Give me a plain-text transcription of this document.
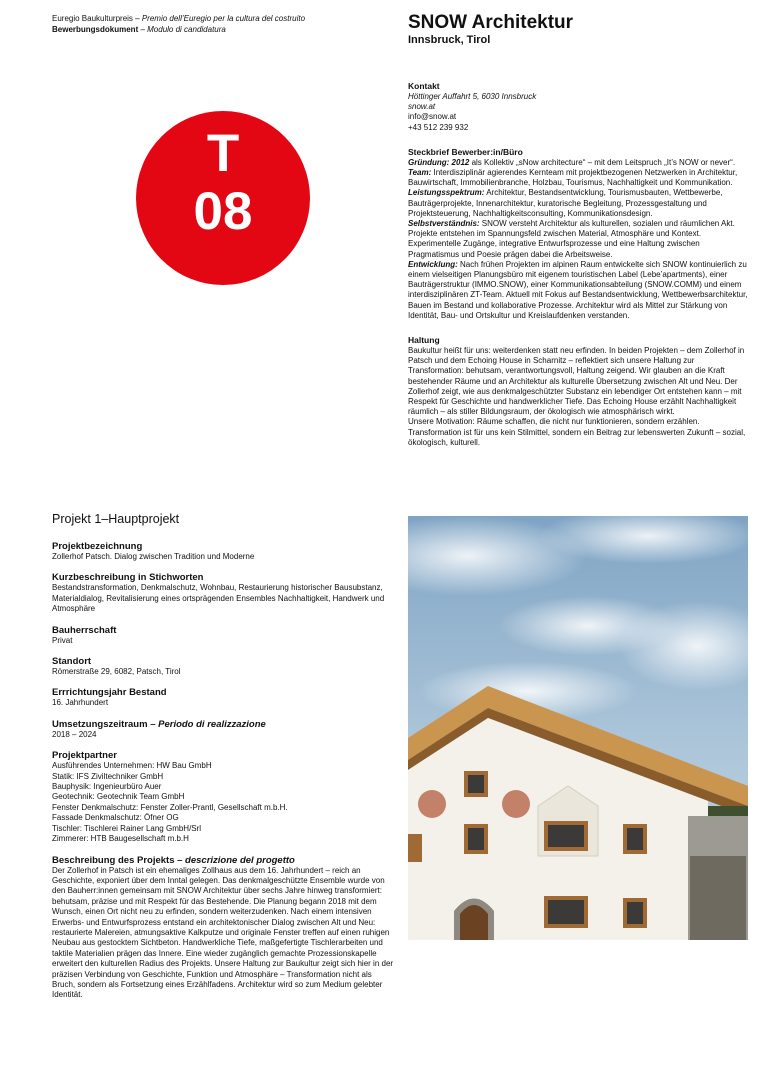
Euregio Baukulturpreis – Premio dell’Euregio per la cultura del costruito
Bewerbungsdokument – Modulo di candidatura
T
08
SNOW Architektur
Innsbruck, Tirol
Kontakt
Höttinger Auffahrt 5, 6030 Innsbruck
snow.at
info@snow.at
+43 512 239 932
Steckbrief Bewerber:in/Büro
Gründung: 2012 als Kollektiv „sNow architecture“ – mit dem Leitspruch „It’s NOW or never“.
Team: Interdisziplinär agierendes Kernteam mit projektbezogenen Netzwerken in Architektur, Bauwirtschaft, Immobilienbranche, Holzbau, Tourismus, Nachhaltigkeit und Kommunikation.
Leistungsspektrum: Architektur, Bestandsentwicklung, Tourismusbauten, Wettbewerbe, Bauträgerprojekte, Innenarchitektur, kuratorische Begleitung, Prozessgestaltung und Projektsteuerung, Nachhaltigkeitsconsulting, Kommunikationsdesign.
Selbstverständnis: SNOW versteht Architektur als kulturellen, sozialen und räumlichen Akt. Projekte entstehen im Spannungsfeld zwischen Material, Atmosphäre und Kontext. Experimentelle Zugänge, integrative Entwurfsprozesse und eine Haltung zwischen Pragmatismus und Poesie prägen dabei die Arbeitsweise.
Entwicklung: Nach frühen Projekten im alpinen Raum entwickelte sich SNOW kontinuierlich zu einem vielseitigen Planungsbüro mit eigenem touristischen Label (Lebe’apartments), einer Bauträgerstruktur (IMMO.SNOW), einer Kommunikationsabteilung (SNOW.COMM) und einem interdisziplinären ZT-Team. Aktuell mit Fokus auf Bestandsentwicklung, Wettbewerbsarchitektur, Bauen im Bestand und kollaborative Prozesse. Architektur wird als Mittel zur Stärkung von Identität, Bau- und Ortskultur und Kreislaufdenken verstanden.
Haltung
Baukultur heißt für uns: weiterdenken statt neu erfinden. In beiden Projekten – dem Zollerhof in Patsch und dem Echoing House in Scharnitz – reflektiert sich unsere Haltung zur Transformation: behutsam, verantwortungsvoll, Haltung zeigend. Wir glauben an die Kraft bestehender Räume und an Architektur als kulturelle Übersetzung zwischen Alt und Neu. Der Zollerhof zeigt, wie aus denkmalgeschützter Substanz ein lebendiger Ort entstehen kann – mit Respekt für Geschichte und handwerklicher Tiefe. Das Echoing House erzählt Nachhaltigkeit räumlich – als stiller Bildungsraum, der ökologisch wie atmosphärisch wirkt.
Unsere Motivation: Räume schaffen, die nicht nur funktionieren, sondern erzählen. Transformation ist für uns kein Stilmittel, sondern ein Beitrag zur lebenswerten Zukunft – sozial, ökologisch, kulturell.
Projekt 1–Hauptprojekt
Projektbezeichnung
Zollerhof Patsch. Dialog zwischen Tradition und Moderne
Kurzbeschreibung in Stichworten
Bestandstransformation, Denkmalschutz, Wohnbau, Restaurierung historischer Bausubstanz, Materialdialog, Revitalisierung eines ortsprägenden Ensembles Nachhaltigkeit, Handwerk und Atmosphäre
Bauherrschaft
Privat
Standort
Römerstraße 29, 6082, Patsch, Tirol
Errrichtungsjahr Bestand
16. Jahrhundert
Umsetzungszeitraum – Periodo di realizzazione
2018 – 2024
Projektpartner
Ausführendes Unternehmen: HW Bau GmbH
Statik: IFS Ziviltechniker GmbH
Bauphysik: Ingenieurbüro Auer
Geotechnik: Geotechnik Team GmbH
Fenster Denkmalschutz: Fenster Zoller-Prantl, Gesellschaft m.b.H.
Fassade Denkmalschutz: Öfner OG
Tischler: Tischlerei Rainer Lang GmbH/Srl
Zimmerer: HTB Baugesellschaft m.b.H
Beschreibung des Projekts – descrizione del progetto
Der Zollerhof in Patsch ist ein ehemaliges Zollhaus aus dem 16. Jahrhundert – reich an Geschichte, exponiert über dem Inntal gelegen. Das denkmalgeschützte Ensemble wurde von den Bauherr:innen gemeinsam mit SNOW Architektur über sechs Jahre hinweg transformiert: behutsam, präzise und mit Respekt für das Bestehende. Die Planung begann 2018 mit dem Wunsch, einen Ort nicht neu zu erfinden, sondern weiterzudenken. Nach einem intensiven Erwerbs- und Entwurfsprozess entstand ein architektonischer Dialog zwischen Alt und Neu: restaurierte Malereien, atmungsaktive Kalkputze und originale Fenster treffen auf einen ruhigen Neubau aus gestocktem Sichtbeton. Handwerkliche Tiefe, maßgefertigte Tischlerarbeiten und taktile Materialien prägen das Innere. Eine wieder zugänglich gemachte Prozessionskapelle erweitert den kulturellen Radius des Projekts. Unsere Haltung zur Baukultur zeigt sich hier in der präzisen Verbindung von Geschichte, Funktion und Atmosphäre – Transformation nicht als Bruch, sondern als Fortsetzung eines Erzählfadens. Architektur wird so zum Medium gelebter Identität.
